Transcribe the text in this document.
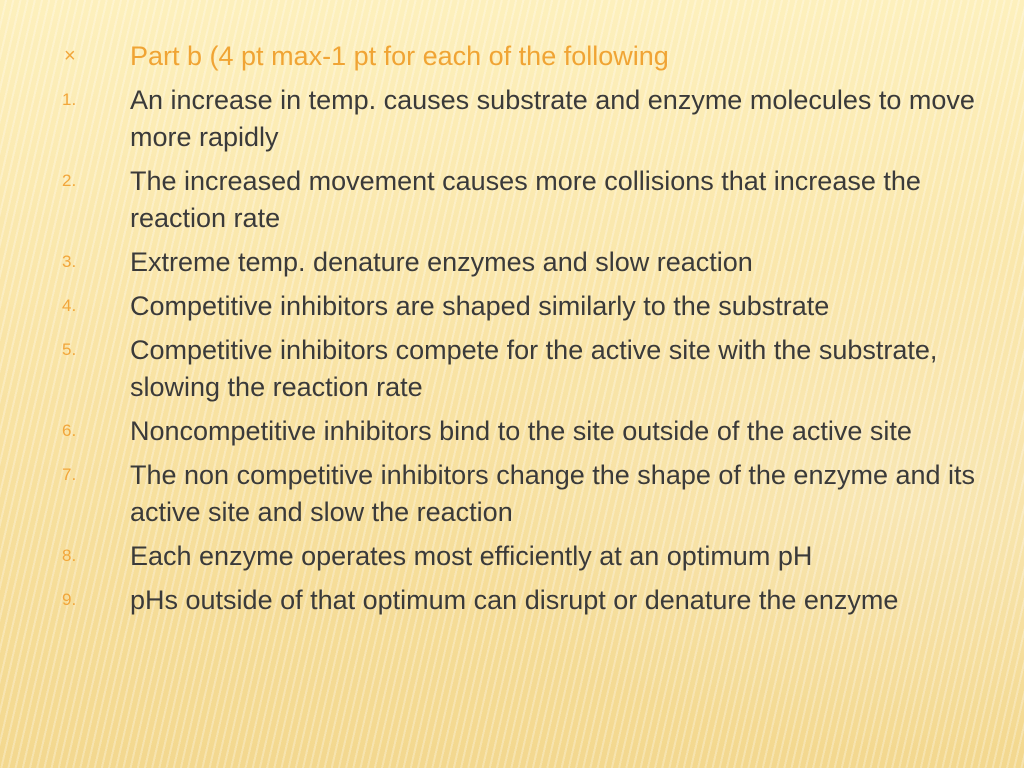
×	Part b (4 pt max-1 pt for each of the following
1.	An increase in temp. causes substrate and enzyme molecules to move more rapidly
2.	The increased movement causes more collisions that increase the reaction rate
3.	Extreme temp. denature enzymes and slow reaction
4.	Competitive inhibitors are shaped similarly to the substrate
5.	Competitive inhibitors compete for the active site with the substrate, slowing the reaction rate
6.	Noncompetitive inhibitors bind to the site outside of the active site
7.	The non competitive inhibitors change the shape of the enzyme and its active site and slow the reaction
8.	Each enzyme operates most efficiently at an optimum pH
9.	pHs outside of that optimum can disrupt or denature the enzyme
